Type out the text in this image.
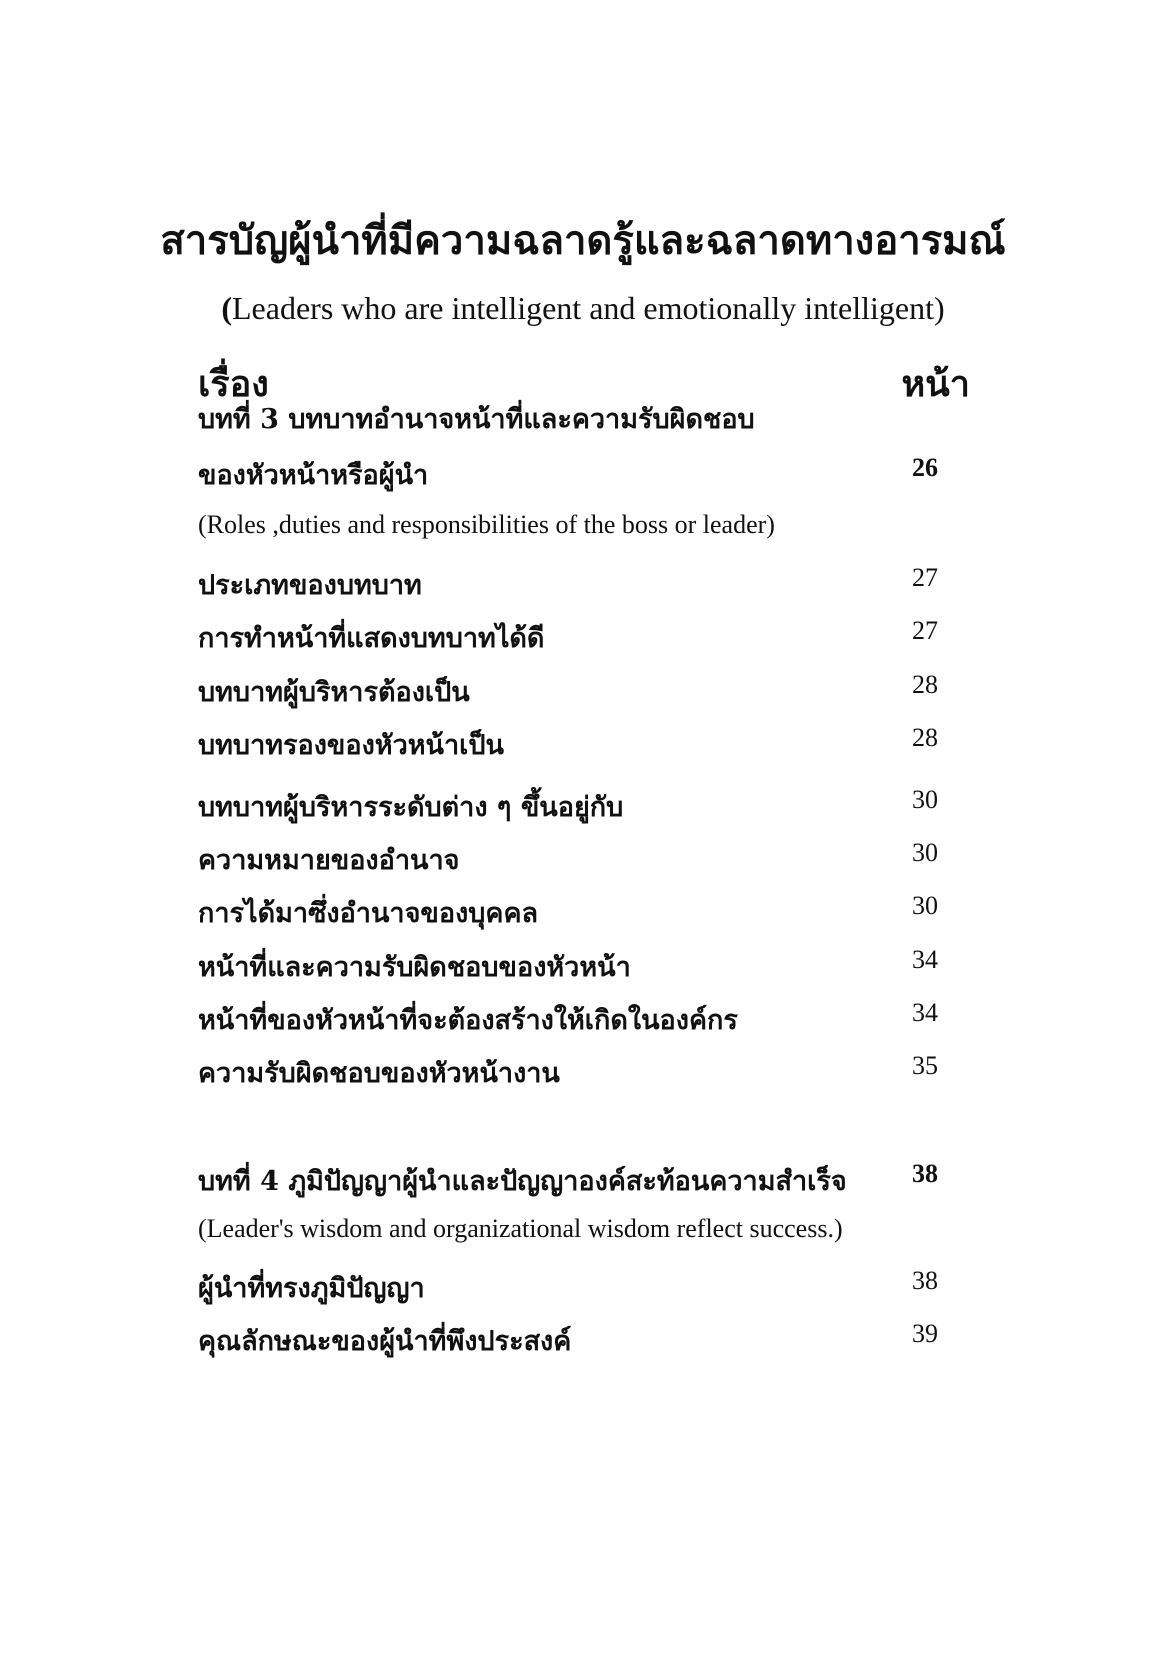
สารบัญผู้นำที่มีความฉลาดรู้และฉลาดทางอารมณ์
(Leaders who are intelligent and emotionally intelligent)
เรื่อง	หน้า
บทที่ 3 บทบาทอำนาจหน้าที่และความรับผิดชอบ
ของหัวหน้าหรือผู้นำ	26
(Roles ,duties and responsibilities of the boss or leader)
ประเภทของบทบาท	27
การทำหน้าที่แสดงบทบาทได้ดี	27
บทบาทผู้บริหารต้องเป็น	28
บทบาทรองของหัวหน้าเป็น	28
บทบาทผู้บริหารระดับต่าง ๆ ขึ้นอยู่กับ	30
ความหมายของอำนาจ	30
การได้มาซึ่งอำนาจของบุคคล	30
หน้าที่และความรับผิดชอบของหัวหน้า	34
หน้าที่ของหัวหน้าที่จะต้องสร้างให้เกิดในองค์กร	34
ความรับผิดชอบของหัวหน้างาน	35
บทที่ 4 ภูมิปัญญาผู้นำและปัญญาองค์สะท้อนความสำเร็จ	38
(Leader's wisdom and organizational wisdom reflect success.)
ผู้นำที่ทรงภูมิปัญญา	38
คุณลักษณะของผู้นำที่พึงประสงค์	39
